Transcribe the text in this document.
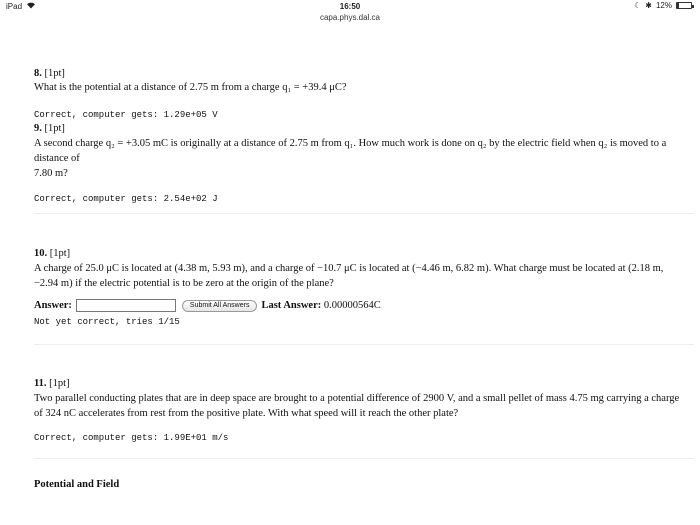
iPad	16:50	☾ ✱ 12%
capa.phys.dal.ca
8. [1pt]
What is the potential at a distance of 2.75 m from a charge q₁ = +39.4 μC?
Correct, computer gets: 1.29e+05 V
9. [1pt]
A second charge q₂ = +3.05 mC is originally at a distance of 2.75 m from q₁. How much work is done on q₂ by the electric field when q₂ is moved to a distance of
7.80 m?
Correct, computer gets: 2.54e+02 J
10. [1pt]
A charge of 25.0 μC is located at (4.38 m, 5.93 m), and a charge of −10.7 μC is located at (−4.46 m, 6.82 m). What charge must be located at (2.18 m, −2.94 m) if the electric potential is to be zero at the origin of the plane?
Answer:	Submit All Answers	Last Answer: 0.00000564C
Not yet correct, tries 1/15
11. [1pt]
Two parallel conducting plates that are in deep space are brought to a potential difference of 2900 V, and a small pellet of mass 4.75 mg carrying a charge of 324 nC accelerates from rest from the positive plate. With what speed will it reach the other plate?
Correct, computer gets: 1.99E+01 m/s
Potential and Field
